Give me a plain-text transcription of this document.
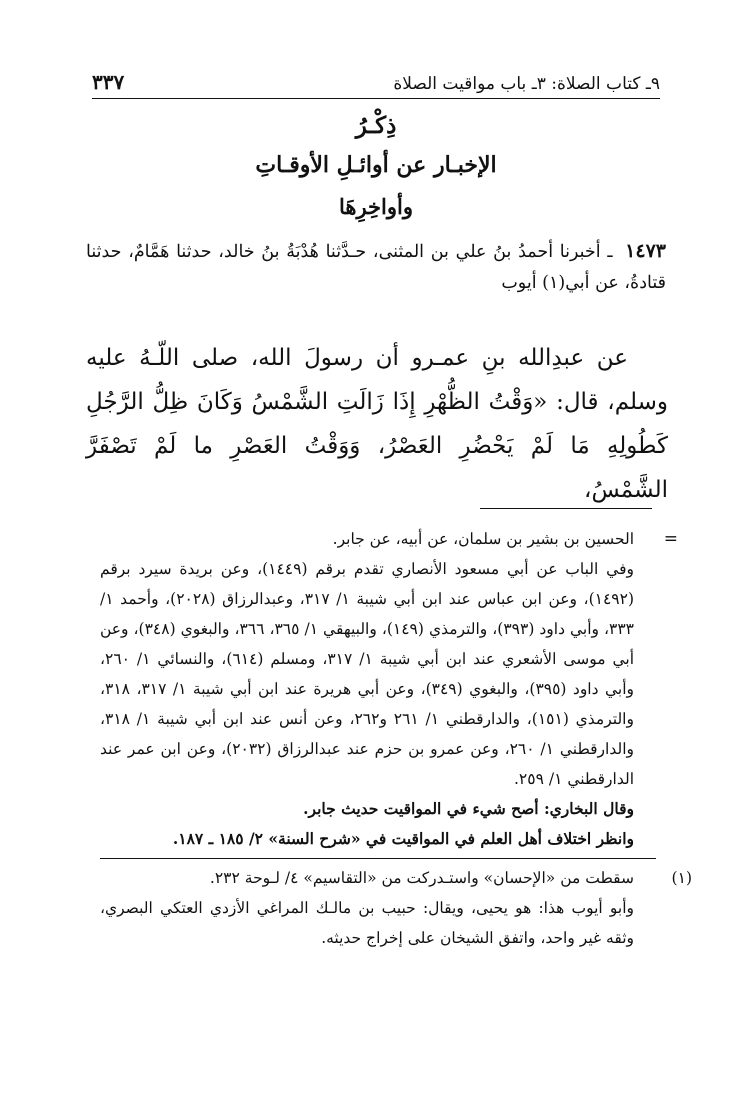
٩ـ كتاب الصلاة: ٣ـ باب مواقيت الصلاة
٣٣٧
ذِكْـرُ
الإخبـار عن أوائـلِ الأوقـاتِ
وأواخِرِهَا
١٤٧٣ ـ أخبرنا أحمدُ بنُ علي بن المثنى، حـدَّثنا هُدْبَةُ بنُ خالد، حدثنا هَمَّامٌ، حدثنا قتادةُ، عن أبي(١) أيوب
عن عبدِالله بنِ عمـرو أن رسولَ الله، صلى اللّـهُ عليه وسلم، قال: «وَقْتُ الظُّهْرِ إِذَا زَالَتِ الشَّمْسُ وَكَانَ ظِلُّ الرَّجُلِ كَطُولِهِ مَا لَمْ يَحْضُرِ العَصْرُ، وَوَقْتُ العَصْرِ ما لَمْ تَصْفَرَّ الشَّمْسُ،
=

الحسين بن بشير بن سلمان، عن أبيه، عن جابر.

وفي الباب عن أبي مسعود الأنصاري تقدم برقم (١٤٤٩)، وعن بريدة سيرد برقم (١٤٩٢)، وعن ابن عباس عند ابن أبي شيبة ١/ ٣١٧، وعبدالرزاق (٢٠٢٨)، وأحمد ١/ ٣٣٣، وأبي داود (٣٩٣)، والترمذي (١٤٩)، والبيهقي ١/ ٣٦٥، ٣٦٦، والبغوي (٣٤٨)، وعن أبي موسى الأشعري عند ابن أبي شيبة ١/ ٣١٧، ومسلم (٦١٤)، والنسائي ١/ ٢٦٠، وأبي داود (٣٩٥)، والبغوي (٣٤٩)، وعن أبي هريرة عند ابن أبي شيبة ١/ ٣١٧، ٣١٨، والترمذي (١٥١)، والدارقطني ١/ ٢٦١ و٢٦٢، وعن أنس عند ابن أبي شيبة ١/ ٣١٨، والدارقطني ١/ ٢٦٠، وعن عمرو بن حزم عند عبدالرزاق (٢٠٣٢)، وعن ابن عمر عند الدارقطني ١/ ٢٥٩.

وقال البخاري: أصح شيء في المواقيت حديث جابر.

وانظر اختلاف أهل العلم في المواقيت في «شرح السنة» ٢/ ١٨٥ ـ ١٨٧.

(١)

سقطت من «الإحسان» واستـدركت من «التقاسيم» ٤/ لـوحة ٢٣٢.

وأبو أيوب هذا: هو يحيى، ويقال: حبيب بن مالـك المراغي الأزدي العتكي البصري، وثقه غير واحد، واتفق الشيخان على إخراج حديثه.
